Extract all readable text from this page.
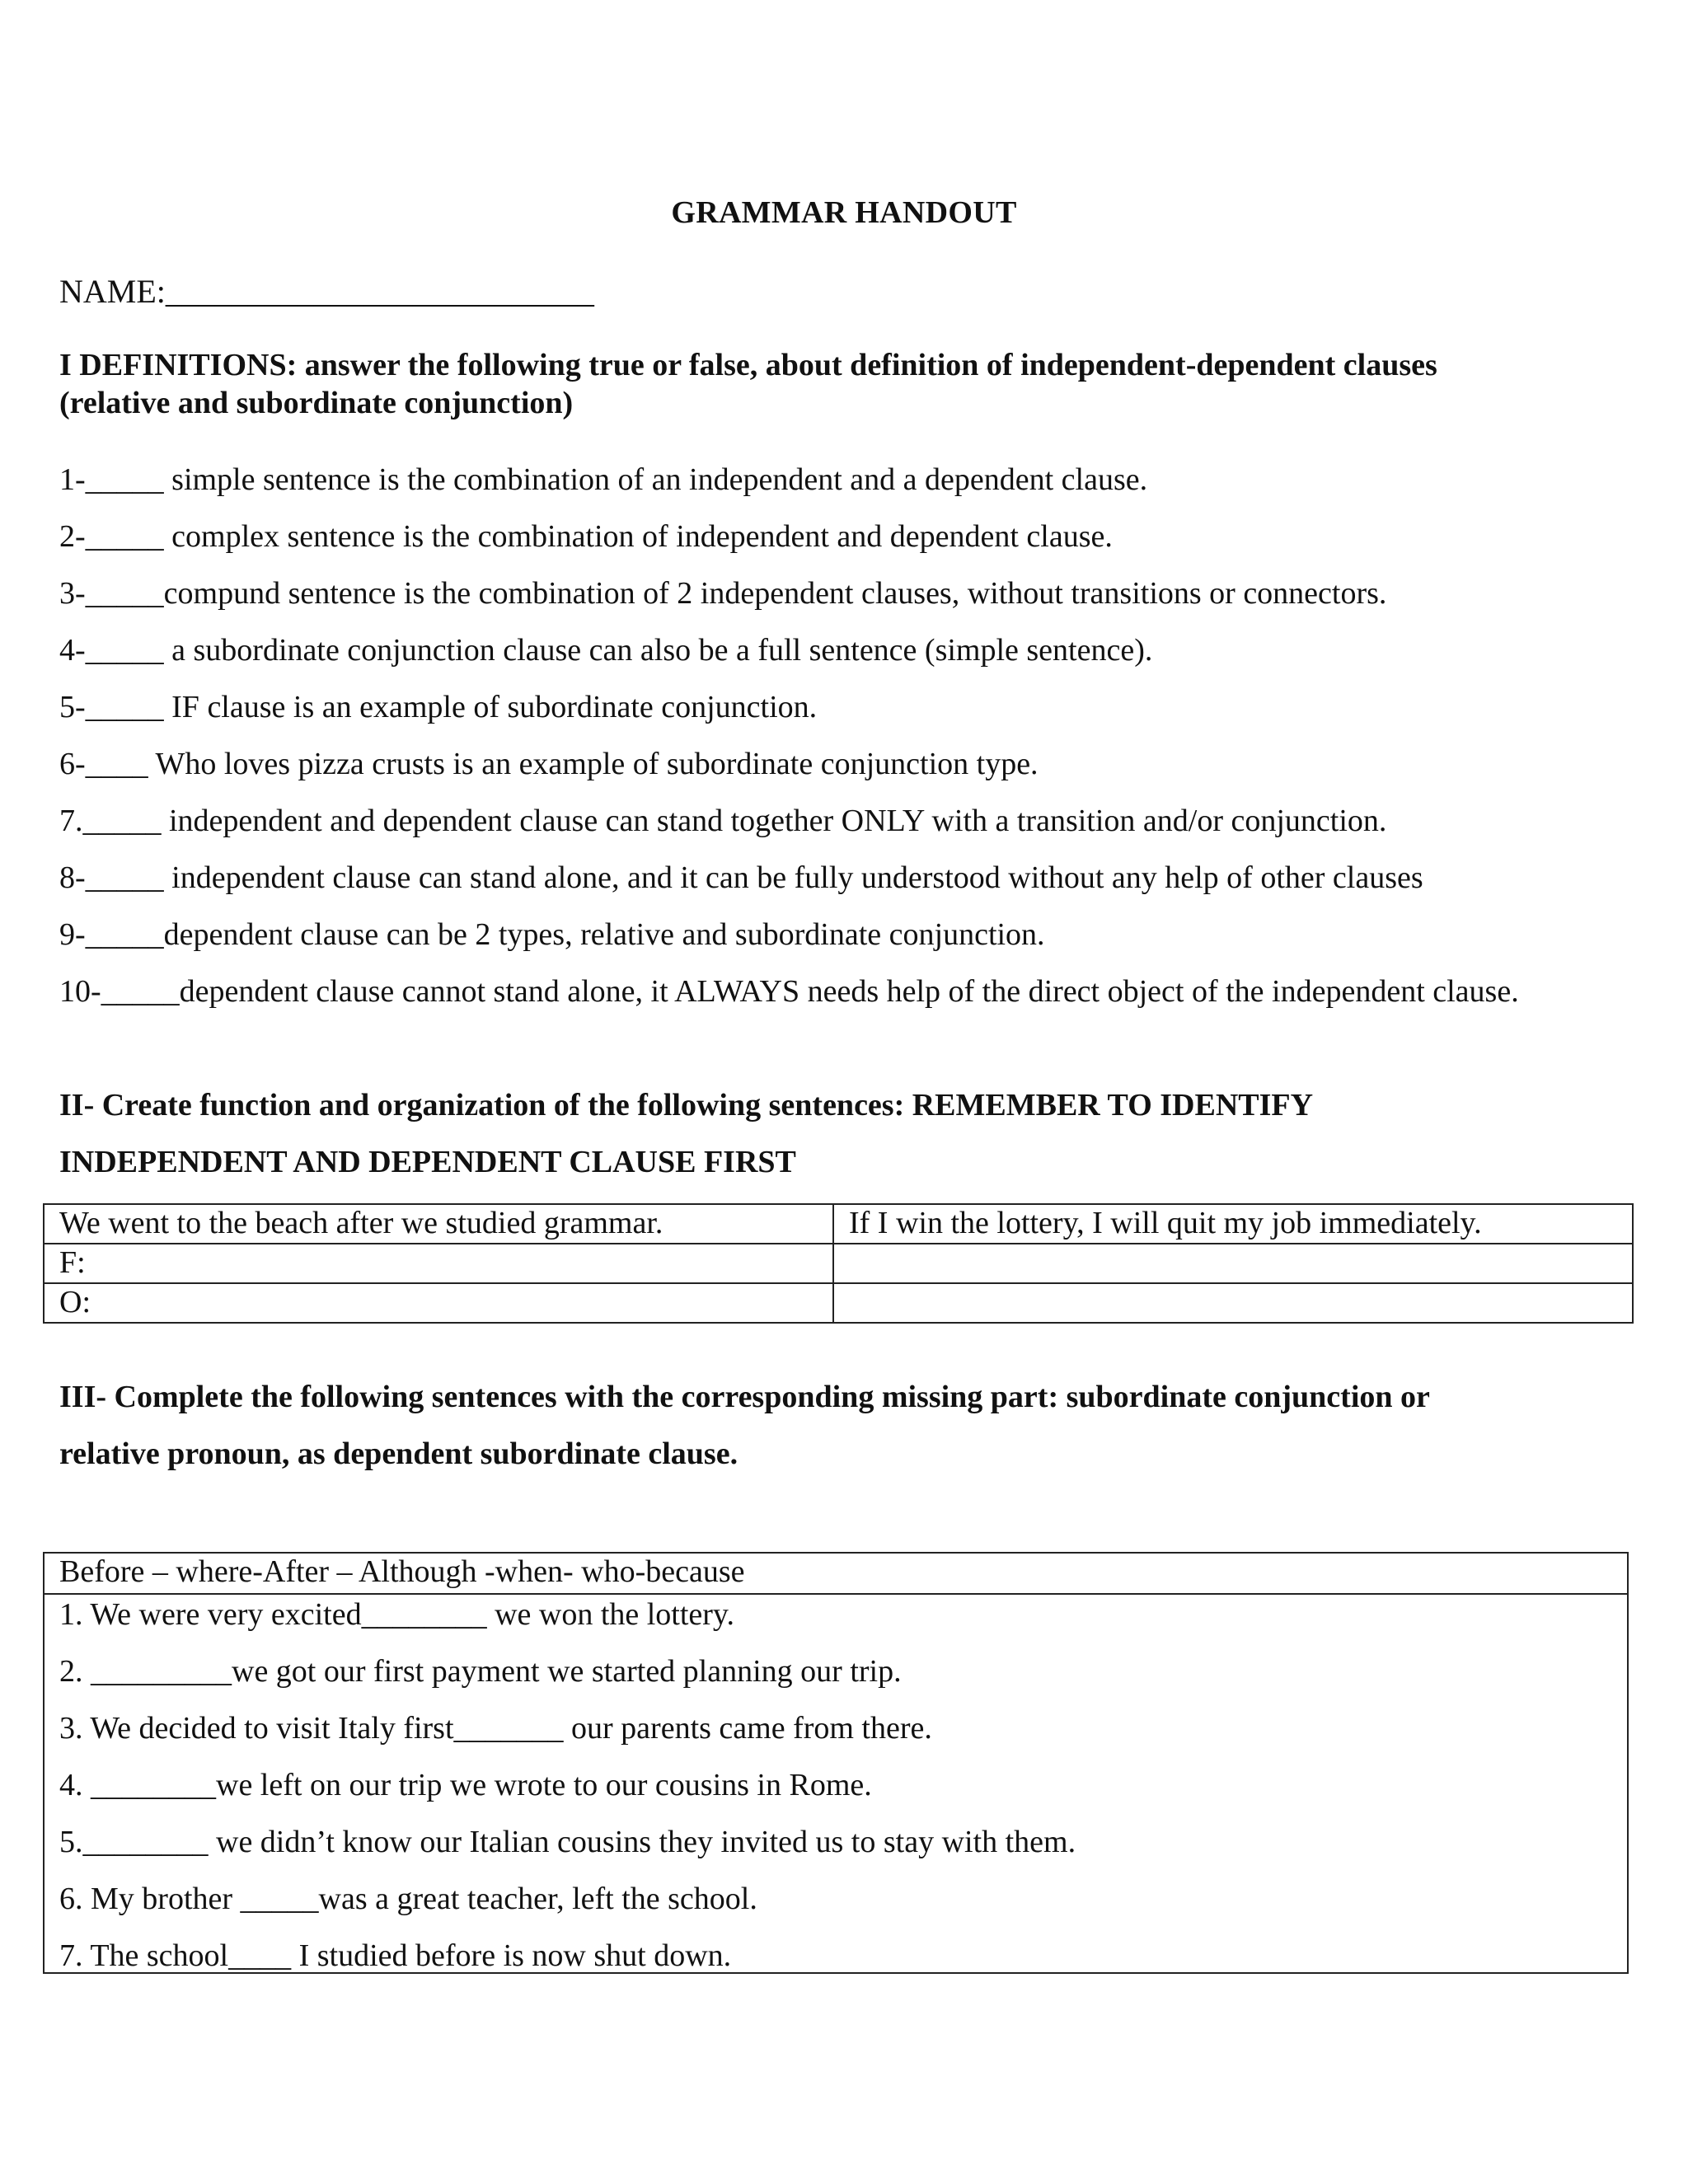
GRAMMAR HANDOUT
NAME:__________________________
I DEFINITIONS: answer the following true or false, about definition of independent-dependent clauses
(relative and subordinate conjunction)
1-_____ simple sentence is the combination of an independent and a dependent clause.
2-_____ complex sentence is the combination of independent and dependent clause.
3-_____compund sentence is the combination of 2 independent clauses, without transitions or connectors.
4-_____ a subordinate conjunction clause can also be a full sentence (simple sentence).
5-_____ IF clause is an example of subordinate conjunction.
6-____ Who loves pizza crusts is an example of subordinate conjunction type.
7._____ independent and dependent clause can stand together ONLY with a transition and/or conjunction.
8-_____ independent clause can stand alone, and it can be fully understood without any help of other clauses
9-_____dependent clause can be 2 types, relative and subordinate conjunction.
10-_____dependent clause cannot stand alone, it ALWAYS needs help of the direct object of the independent clause.
II- Create function and organization of the following sentences: REMEMBER TO IDENTIFY
INDEPENDENT AND DEPENDENT CLAUSE FIRST
We went to the beach after we studied grammar.	If I win the lottery, I will quit my job immediately.
F:	
O:	
III- Complete the following sentences with the corresponding missing part: subordinate conjunction or
relative pronoun, as dependent subordinate clause.
Before – where-After – Although -when- who-because
1. We were very excited________ we won the lottery.
2. _________we got our first payment we started planning our trip.
3. We decided to visit Italy first_______ our parents came from there.
4. ________we left on our trip we wrote to our cousins in Rome.
5.________ we didn’t know our Italian cousins they invited us to stay with them.
6. My brother _____was a great teacher, left the school.
7. The school____ I studied before is now shut down.
